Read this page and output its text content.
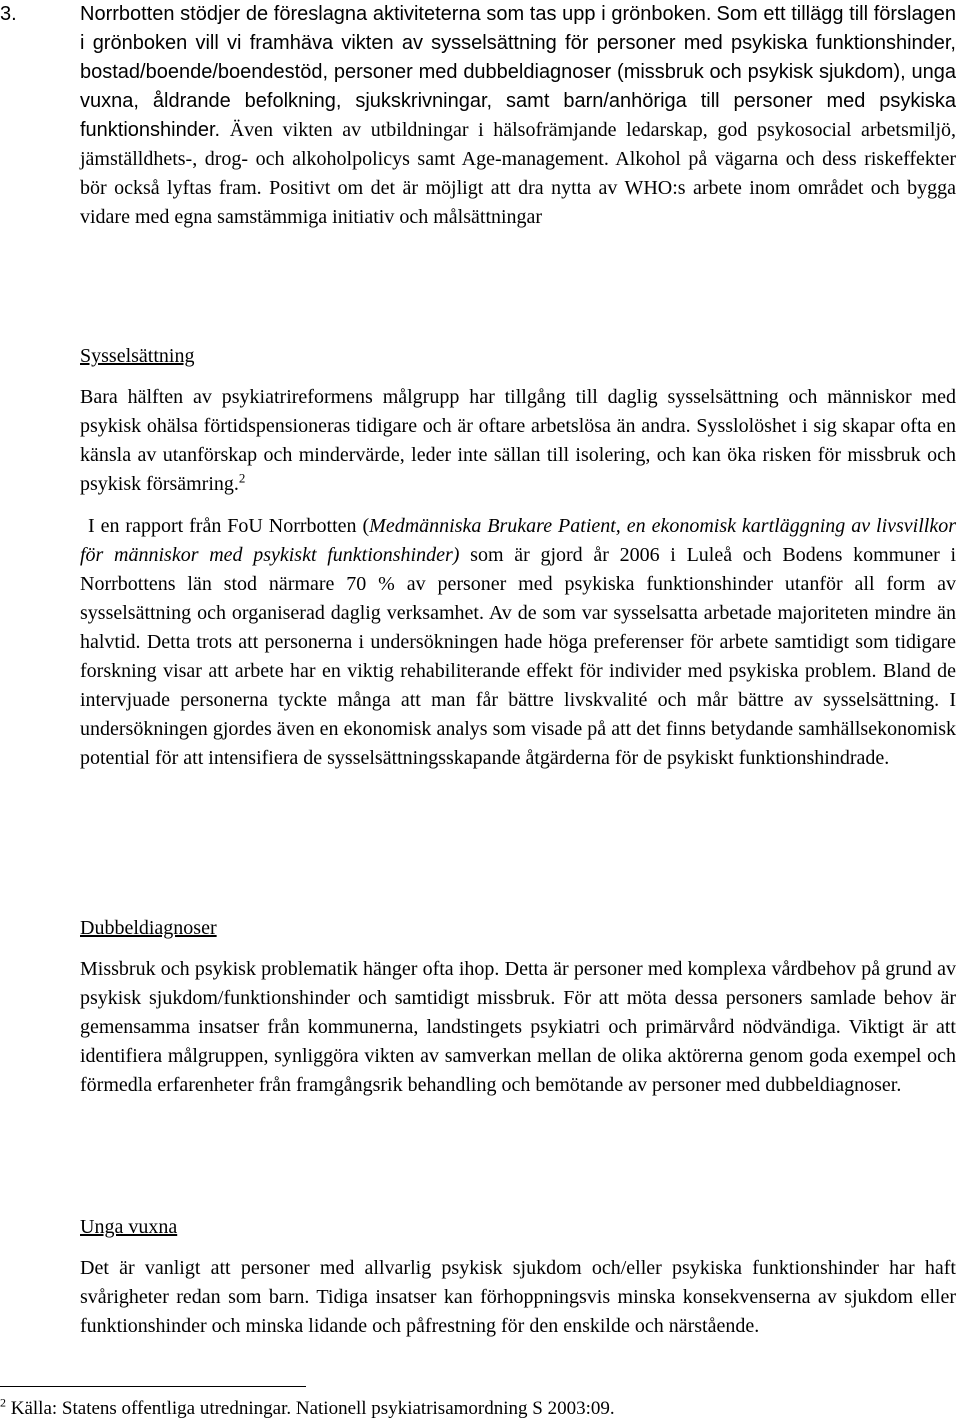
3.	Norrbotten stödjer de föreslagna aktiviteterna som tas upp i grönboken. Som ett tillägg till förslagen i grönboken vill vi framhäva vikten av sysselsättning för personer med psykiska funktionshinder, bostad/boende/boendestöd, personer med dubbeldiagnoser (missbruk och psykisk sjukdom), unga vuxna, åldrande befolkning, sjukskrivningar, samt barn/anhöriga till personer med psykiska funktionshinder. Även vikten av utbildningar i hälsofrämjande ledarskap, god psykosocial arbetsmiljö, jämställdhets-, drog- och alkoholpolicys samt Age-management. Alkohol på vägarna och dess riskeffekter bör också lyftas fram. Positivt om det är möjligt att dra nytta av WHO:s arbete inom området och bygga vidare med egna samstämmiga initiativ och målsättningar
Sysselsättning
Bara hälften av psykiatrireformens målgrupp har tillgång till daglig sysselsättning och människor med psykisk ohälsa förtidspensioneras tidigare och är oftare arbetslösa än andra. Sysslolöshet i sig skapar ofta en känsla av utanförskap och mindervärde, leder inte sällan till isolering, och kan öka risken för missbruk och psykisk försämring.$^2$
I en rapport från FoU Norrbotten (Medmänniska Brukare Patient, en ekonomisk kartläggning av livsvillkor för människor med psykiskt funktionshinder) som är gjord år 2006 i Luleå och Bodens kommuner i Norrbottens län stod närmare 70 % av personer med psykiska funktionshinder utanför all form av sysselsättning och organiserad daglig verksamhet. Av de som var sysselsatta arbetade majoriteten mindre än halvtid. Detta trots att personerna i undersökningen hade höga preferenser för arbete samtidigt som tidigare forskning visar att arbete har en viktig rehabiliterande effekt för individer med psykiska problem. Bland de intervjuade personerna tyckte många att man får bättre livskvalité och mår bättre av sysselsättning. I undersökningen gjordes även en ekonomisk analys som visade på att det finns betydande samhällsekonomisk potential för att intensifiera de sysselsättningsskapande åtgärderna för de psykiskt funktionshindrade.
Dubbeldiagnoser
Missbruk och psykisk problematik hänger ofta ihop. Detta är personer med komplexa vårdbehov på grund av psykisk sjukdom/funktionshinder och samtidigt missbruk. För att möta dessa personers samlade behov är gemensamma insatser från kommunerna, landstingets psykiatri och primärvård nödvändiga. Viktigt är att identifiera målgruppen, synliggöra vikten av samverkan mellan de olika aktörerna genom goda exempel och förmedla erfarenheter från framgångsrik behandling och bemötande av personer med dubbeldiagnoser.
Unga vuxna
Det är vanligt att personer med allvarlig psykisk sjukdom och/eller psykiska funktionshinder har haft svårigheter redan som barn. Tidiga insatser kan förhoppningsvis minska konsekvenserna av sjukdom eller funktionshinder och minska lidande och påfrestning för den enskilde och närstående.
$^2$ Källa: Statens offentliga utredningar. Nationell psykiatrisamordning S 2003:09.
